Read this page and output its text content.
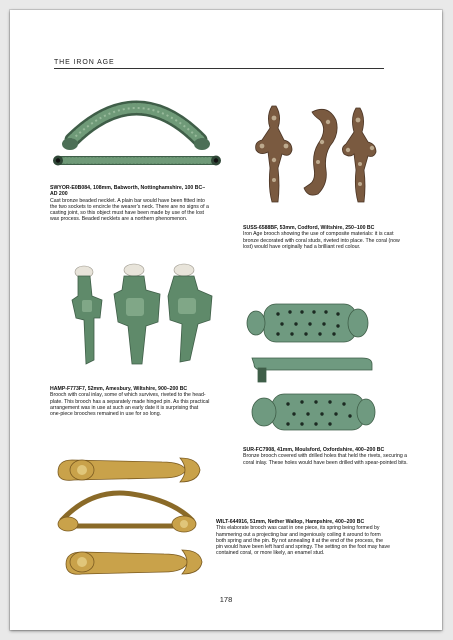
THE IRON AGE
SWYOR-E0B084, 108mm, Babworth, Nottinghamshire, 100 BC–AD 200
Cast bronze beaded necklet. A plain bar would have been fitted into the two sockets to encircle the wearer's neck. There are no signs of a casting joint, so this object must have been made by use of the lost wax process. Beaded necklets are a northern phenomenon.
SUSS-6588BF, 53mm, Codford, Wiltshire, 250–100 BC
Iron Age brooch showing the use of composite materials: it is cast bronze decorated with coral studs, riveted into place. The coral (now lost) would have originally had a brilliant red colour.
HAMP-F773F7, 52mm, Amesbury, Wiltshire, 900–200 BC
Brooch with coral inlay, some of which survives, riveted to the head-plate. This brooch has a separately made hinged pin. As this practical arrangement was in use at such an early date it is surprising that one-piece brooches remained in use for so long.
SUR-FC7908, 41mm, Moulsford, Oxfordshire, 400–200 BC
Bronze brooch covered with drilled holes that held the rivets, securing a coral inlay. These holes would have been drilled with spear-pointed bits.
WILT-644916, 51mm, Nether Wallop, Hampshire, 400–200 BC
This elaborate brooch was cast in one piece, its spring being formed by hammering out a projecting bar and ingeniously coiling it around to form both spring and the pin. By not annealing it at the end of the process, the pin would have been left hard and springy. The setting on the foot may have contained coral, or more likely, an enamel stud.
178
